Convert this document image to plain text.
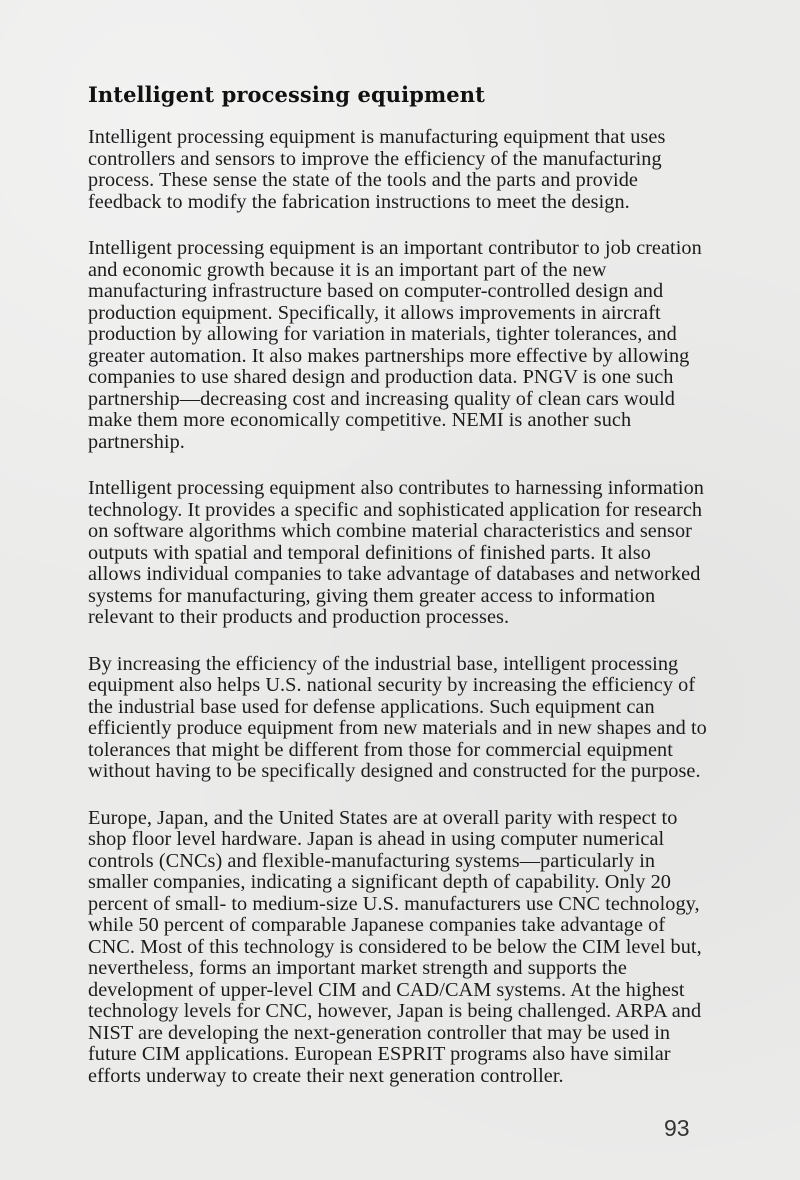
Intelligent processing equipment

Intelligent processing equipment is manufacturing equipment that uses controllers and sensors to improve the efficiency of the manufacturing process. These sense the state of the tools and the parts and provide feedback to modify the fabrication instructions to meet the design.

Intelligent processing equipment is an important contributor to job creation and economic growth because it is an important part of the new manufacturing infrastructure based on computer-controlled design and production equipment. Specifically, it allows improvements in aircraft production by allowing for variation in materials, tighter tolerances, and greater automation. It also makes partnerships more effective by allowing companies to use shared design and production data. PNGV is one such partnership—decreasing cost and increasing quality of clean cars would make them more economically competitive. NEMI is another such partnership.

Intelligent processing equipment also contributes to harnessing information technology. It provides a specific and sophisticated application for research on software algorithms which combine material characteristics and sensor outputs with spatial and temporal definitions of finished parts. It also allows individual companies to take advantage of databases and networked systems for manufacturing, giving them greater access to information relevant to their products and production processes.

By increasing the efficiency of the industrial base, intelligent processing equipment also helps U.S. national security by increasing the efficiency of the industrial base used for defense applications. Such equipment can efficiently produce equipment from new materials and in new shapes and to tolerances that might be different from those for commercial equipment without having to be specifically designed and constructed for the purpose.

Europe, Japan, and the United States are at overall parity with respect to shop floor level hardware. Japan is ahead in using computer numerical controls (CNCs) and flexible-manufacturing systems—particularly in smaller companies, indicating a significant depth of capability. Only 20 percent of small- to medium-size U.S. manufacturers use CNC technology, while 50 percent of comparable Japanese companies take advantage of CNC. Most of this technology is considered to be below the CIM level but, nevertheless, forms an important market strength and supports the development of upper-level CIM and CAD/CAM systems. At the highest technology levels for CNC, however, Japan is being challenged. ARPA and NIST are developing the next-generation controller that may be used in future CIM applications. European ESPRIT programs also have similar efforts underway to create their next generation controller.

93
